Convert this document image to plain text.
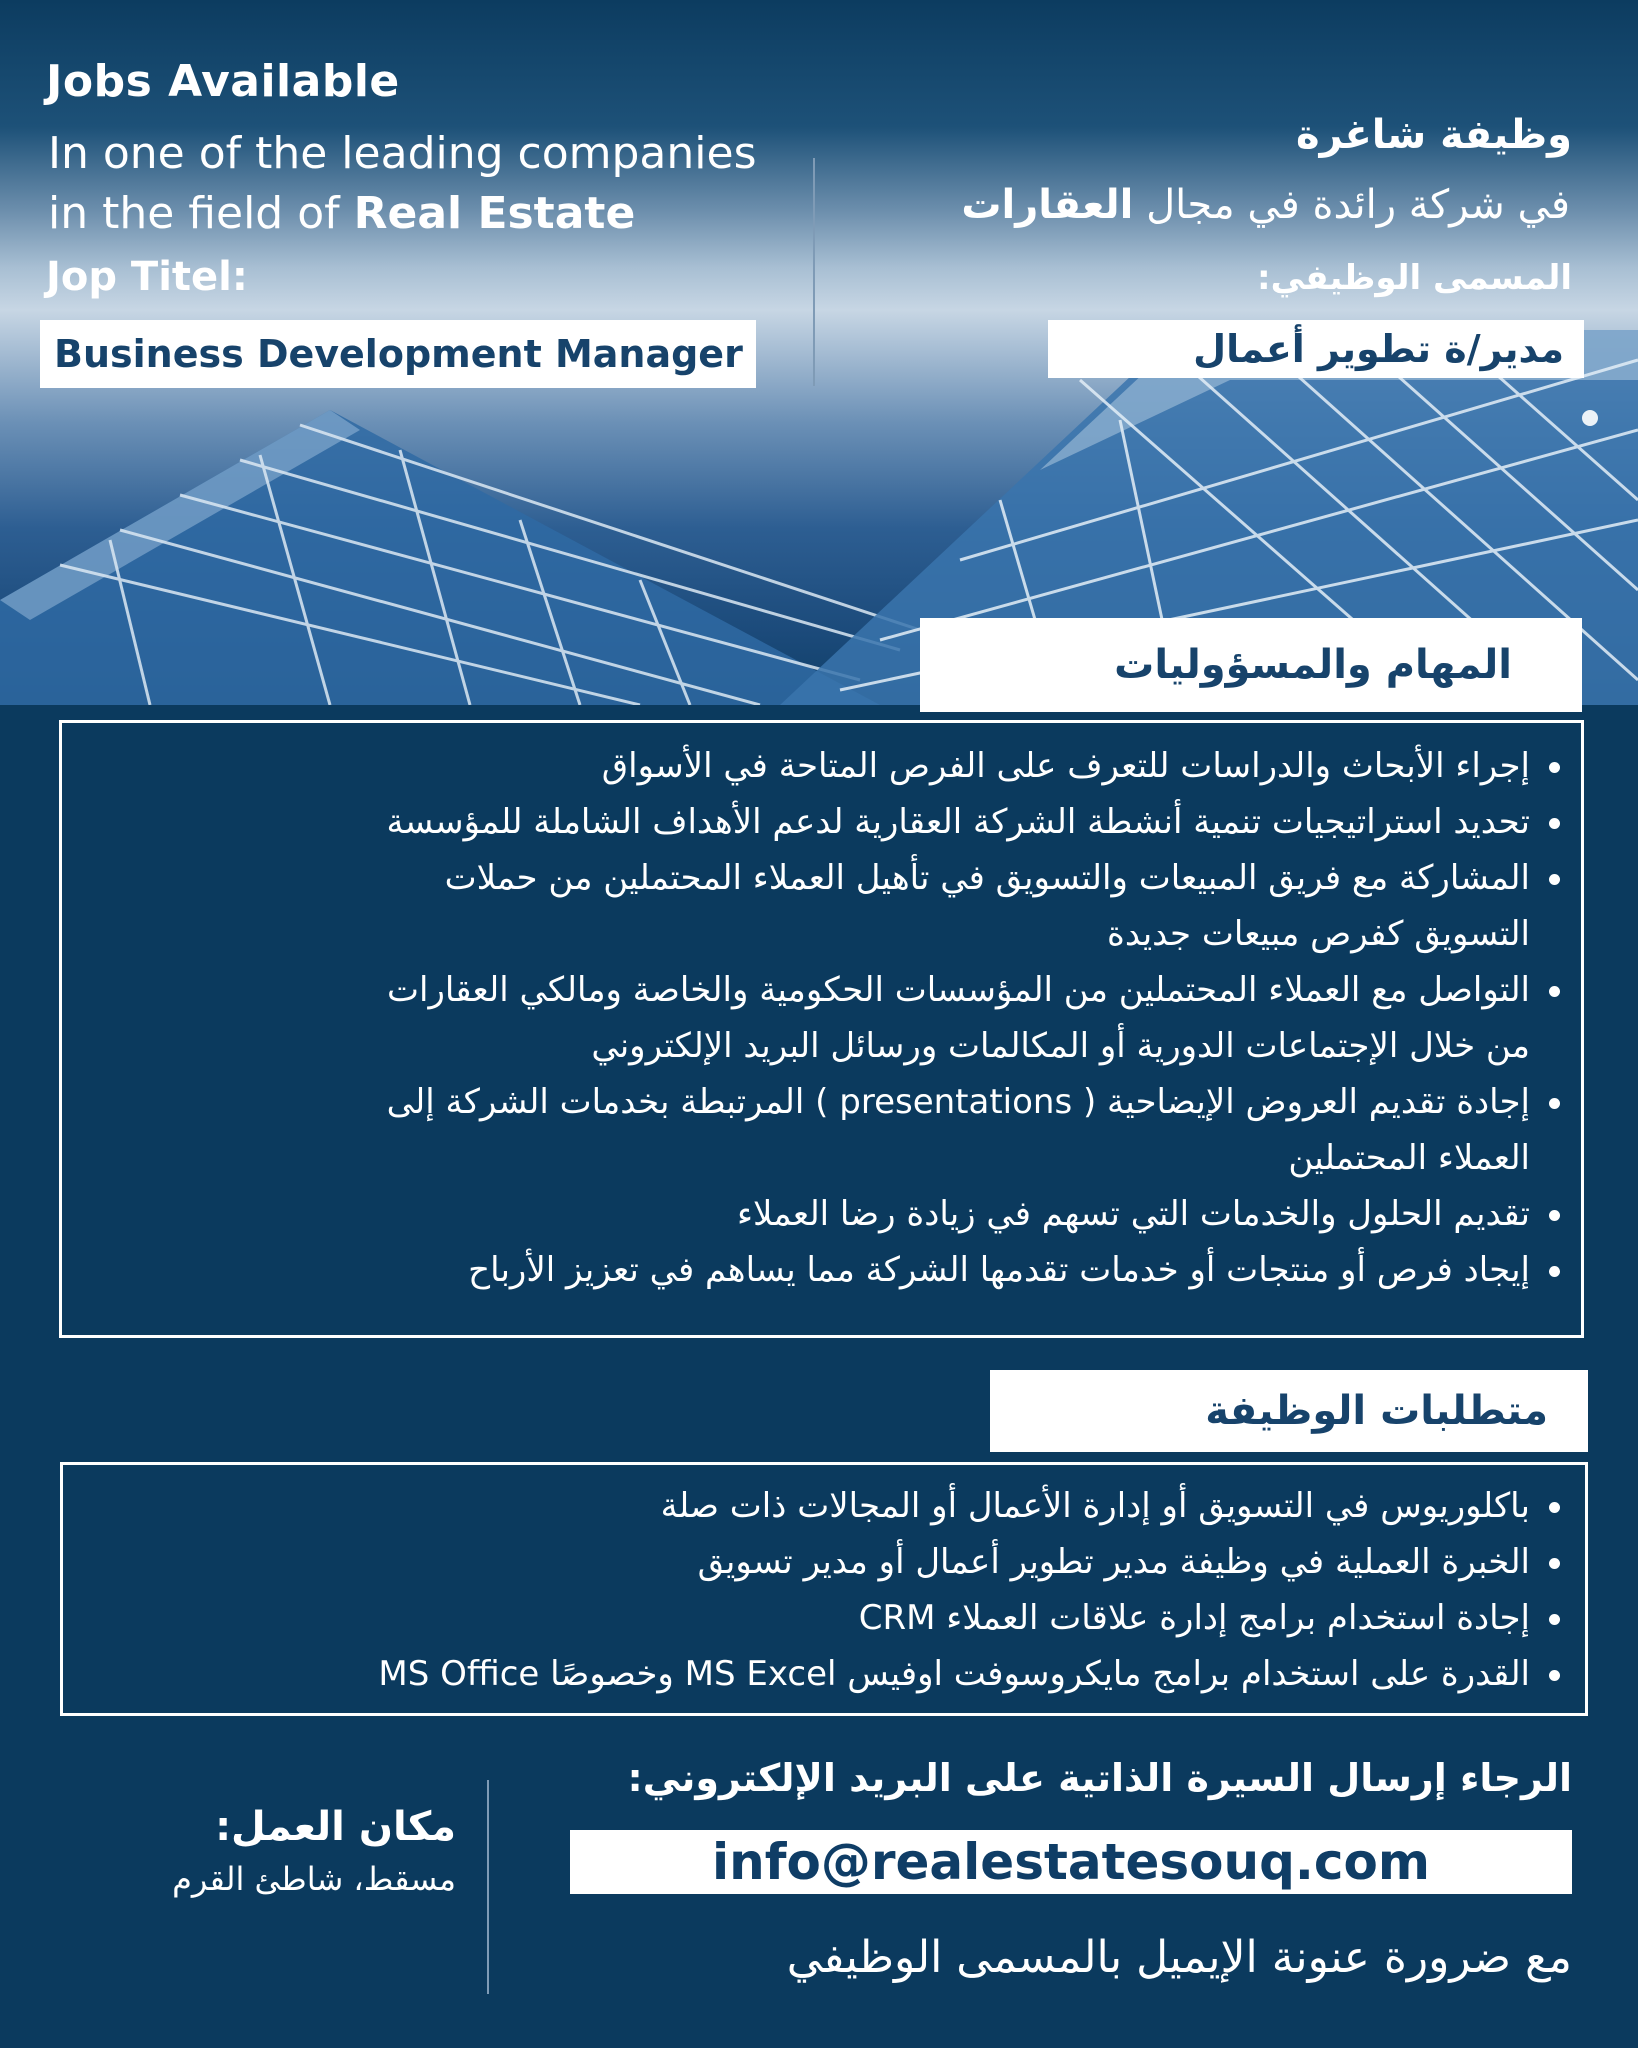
Jobs Available
In one of the leading companies
in the field of Real Estate
Jop Titel:
Business Development Manager
وظيفة شاغرة
في شركة رائدة في مجال العقارات
المسمى الوظيفي:
مدير/ة تطوير أعمال
المهام والمسؤوليات
إجراء الأبحاث والدراسات للتعرف على الفرص المتاحة في الأسواق
تحديد استراتيجيات تنمية أنشطة الشركة العقارية لدعم الأهداف الشاملة للمؤسسة
المشاركة مع فريق المبيعات والتسويق في تأهيل العملاء المحتملين من حملات
التسويق كفرص مبيعات جديدة
التواصل مع العملاء المحتملين من المؤسسات الحكومية والخاصة ومالكي العقارات
من خلال الإجتماعات الدورية أو المكالمات ورسائل البريد الإلكتروني
إجادة تقديم العروض الإيضاحية ( presentations ) المرتبطة بخدمات الشركة إلى
العملاء المحتملين
تقديم الحلول والخدمات التي تسهم في زيادة رضا العملاء
إيجاد فرص أو منتجات أو خدمات تقدمها الشركة مما يساهم في تعزيز الأرباح
متطلبات الوظيفة
باكلوريوس في التسويق أو إدارة الأعمال أو المجالات ذات صلة
الخبرة العملية في وظيفة مدير تطوير أعمال أو مدير تسويق
إجادة استخدام برامج إدارة علاقات العملاء CRM
القدرة على استخدام برامج مايكروسوفت اوفيس MS Excel وخصوصًا MS Office
الرجاء إرسال السيرة الذاتية على البريد الإلكتروني:
info@realestatesouq.com
مع ضرورة عنونة الإيميل بالمسمى الوظيفي
مكان العمل:
مسقط، شاطئ القرم
